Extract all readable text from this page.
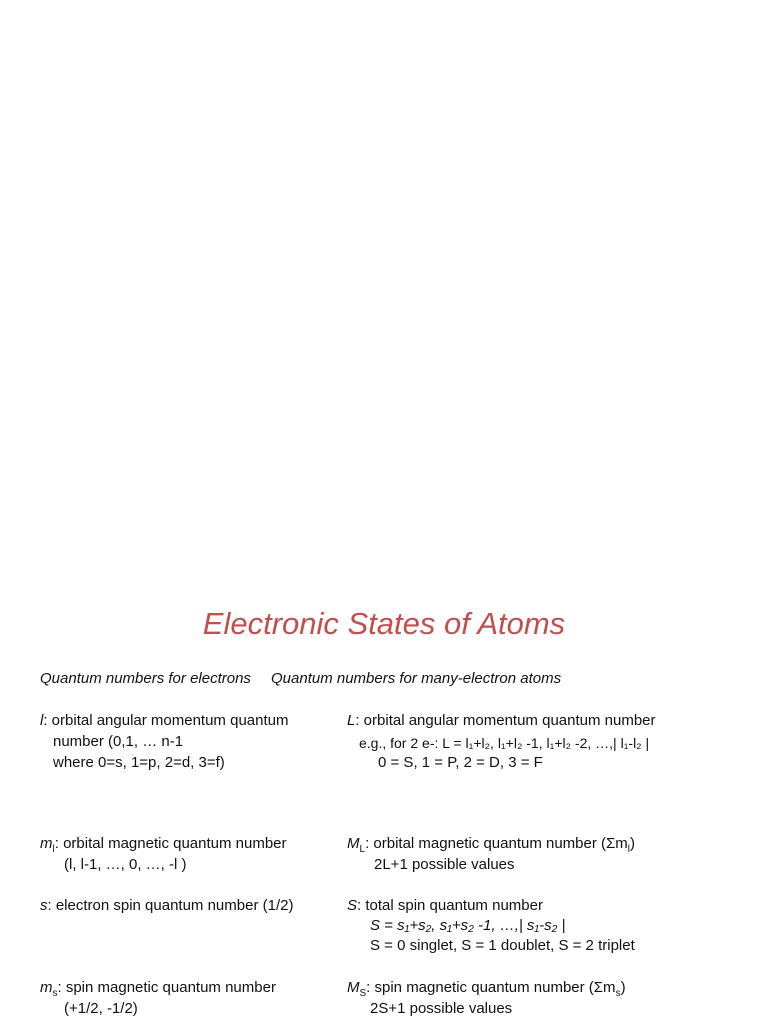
Electronic States of Atoms
Quantum numbers for electrons Quantum numbers for many-electron atoms
l: orbital angular momentum quantum
number (0,1, … n-1
where 0=s, 1=p, 2=d, 3=f)
$m_l$: orbital magnetic quantum number
(l, l-1, …, 0, …, -l )
s: electron spin quantum number (1/2)
$m_s$: spin magnetic quantum number
(+1/2, -1/2)
L: orbital angular momentum quantum number
e.g., for 2 e-: L = l₁+l₂, l₁+l₂ -1, l₁+l₂ -2, …,| l₁-l₂ |
0 = S, 1 = P, 2 = D, 3 = F
$M_L$: orbital magnetic quantum number $(\Sigma m_l)$
2L+1 possible values
S: total spin quantum number
S = s₁+s₂, s₁+s₂ -1, …,| s₁-s₂ |
S = 0 singlet, S = 1 doublet, S = 2 triplet
$M_S$: spin magnetic quantum number $(\Sigma m_s)$
2S+1 possible values
